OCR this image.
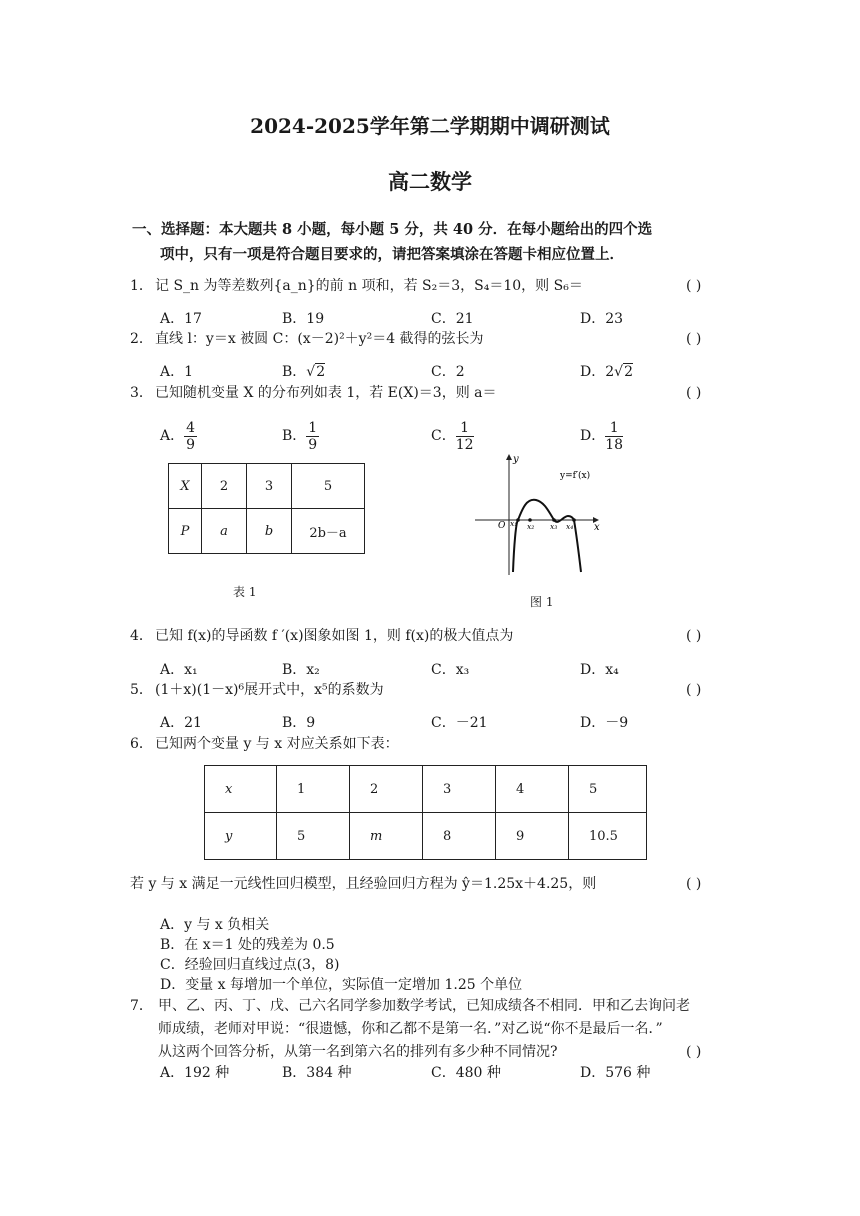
2024-2025学年第二学期期中调研测试
高二数学
一、选择题：本大题共 8 小题，每小题 5 分，共 40 分．在每小题给出的四个选
项中，只有一项是符合题目要求的，请把答案填涂在答题卡相应位置上．
1． 记 S_n 为等差数列{a_n}的前 n 项和，若 S₂＝3，S₄＝10，则 S₆＝	( )
A．17	B．19	C．21	D．23
2． 直线 l：y＝x 被圆 C：(x－2)²＋y²＝4 截得的弦长为	( )
A．1	B．√2	C．2	D．2√2
3． 已知随机变量 X 的分布列如表 1，若 E(X)＝3，则 a＝	( )
A． $\frac{4}{9}$	B． $\frac{1}{9}$	C． $\frac{1}{12}$	D． $\frac{1}{18}$
X	2	3	5
P	a	b	2b－a
表 1
y
x
O
y=f′(x)
x₁ x₂ x₃ x₄
图 1
4． 已知 f(x)的导函数 f ′(x)图象如图 1，则 f(x)的极大值点为	( )
A．x₁	B．x₂	C．x₃	D．x₄
5． (1＋x)(1－x)⁶展开式中，x⁵的系数为	( )
A．21	B．9	C．－21	D．－9
6． 已知两个变量 y 与 x 对应关系如下表：
x	1	2	3	4	5
y	5	m	8	9	10.5
若 y 与 x 满足一元线性回归模型，且经验回归方程为 ŷ＝1.25x＋4.25，则	( )
A．y 与 x 负相关
B．在 x＝1 处的残差为 0.5
C．经验回归直线过点(3，8)
D．变量 x 每增加一个单位，实际值一定增加 1.25 个单位
7． 甲、乙、丙、丁、戊、己六名同学参加数学考试，已知成绩各不相同．甲和乙去询问老
师成绩，老师对甲说：“很遗憾，你和乙都不是第一名．”对乙说“你不是最后一名．”
从这两个回答分析，从第一名到第六名的排列有多少种不同情况?	( )
A．192 种	B．384 种	C．480 种	D．576 种
